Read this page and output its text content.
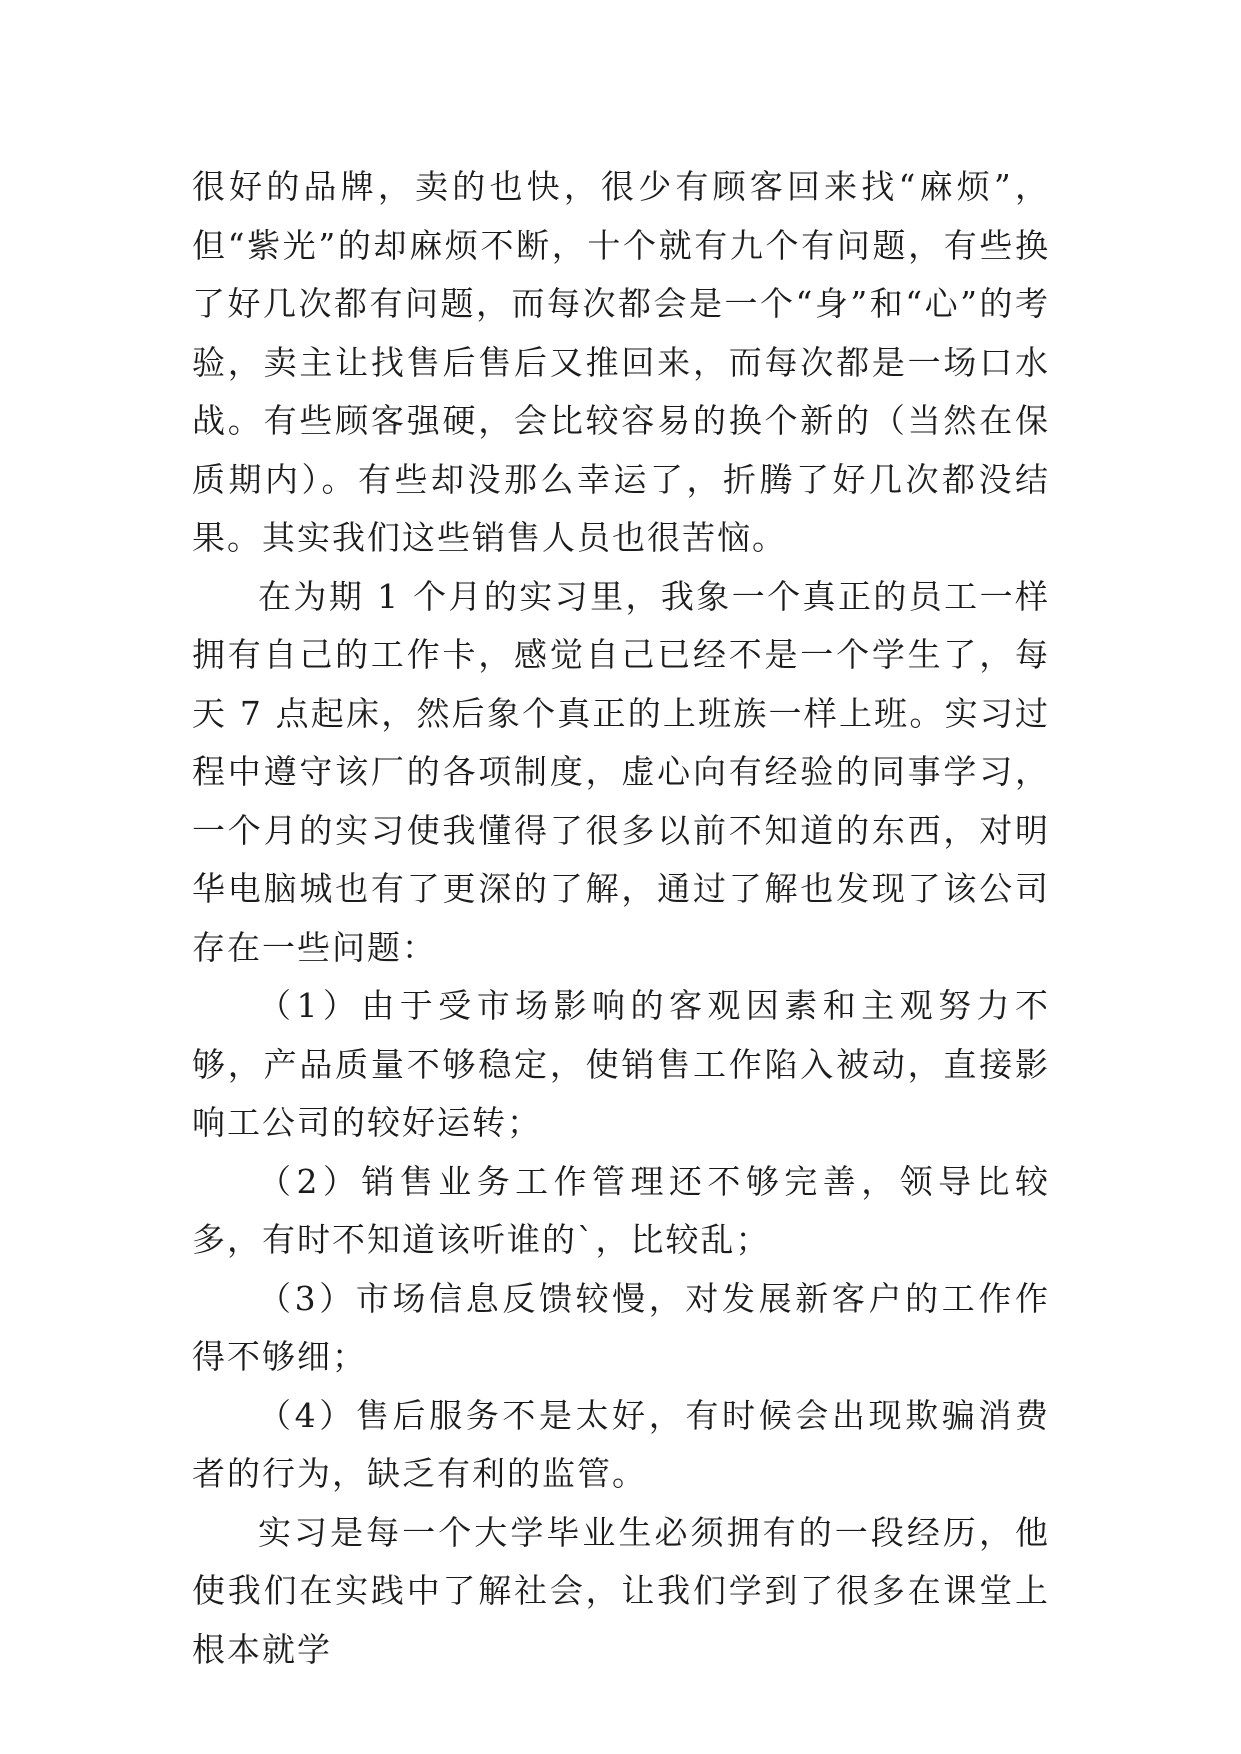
很好的品牌，卖的也快，很少有顾客回来找“麻烦”，但“紫光”的却麻烦不断，十个就有九个有问题，有些换了好几次都有问题，而每次都会是一个“身”和“心”的考验，卖主让找售后售后又推回来，而每次都是一场口水战。有些顾客强硬，会比较容易的换个新的（当然在保质期内）。有些却没那么幸运了，折腾了好几次都没结果。其实我们这些销售人员也很苦恼。

在为期 1 个月的实习里，我象一个真正的员工一样拥有自己的工作卡，感觉自己已经不是一个学生了，每天 7 点起床，然后象个真正的上班族一样上班。实习过程中遵守该厂的各项制度，虚心向有经验的同事学习，一个月的实习使我懂得了很多以前不知道的东西，对明华电脑城也有了更深的了解，通过了解也发现了该公司存在一些问题：

（1）由于受市场影响的客观因素和主观努力不够，产品质量不够稳定，使销售工作陷入被动，直接影响工公司的较好运转；

（2）销售业务工作管理还不够完善，领导比较多，有时不知道该听谁的`，比较乱；

（3）市场信息反馈较慢，对发展新客户的工作作得不够细；

（4）售后服务不是太好，有时候会出现欺骗消费者的行为，缺乏有利的监管。

实习是每一个大学毕业生必须拥有的一段经历，他使我们在实践中了解社会，让我们学到了很多在课堂上根本就学
